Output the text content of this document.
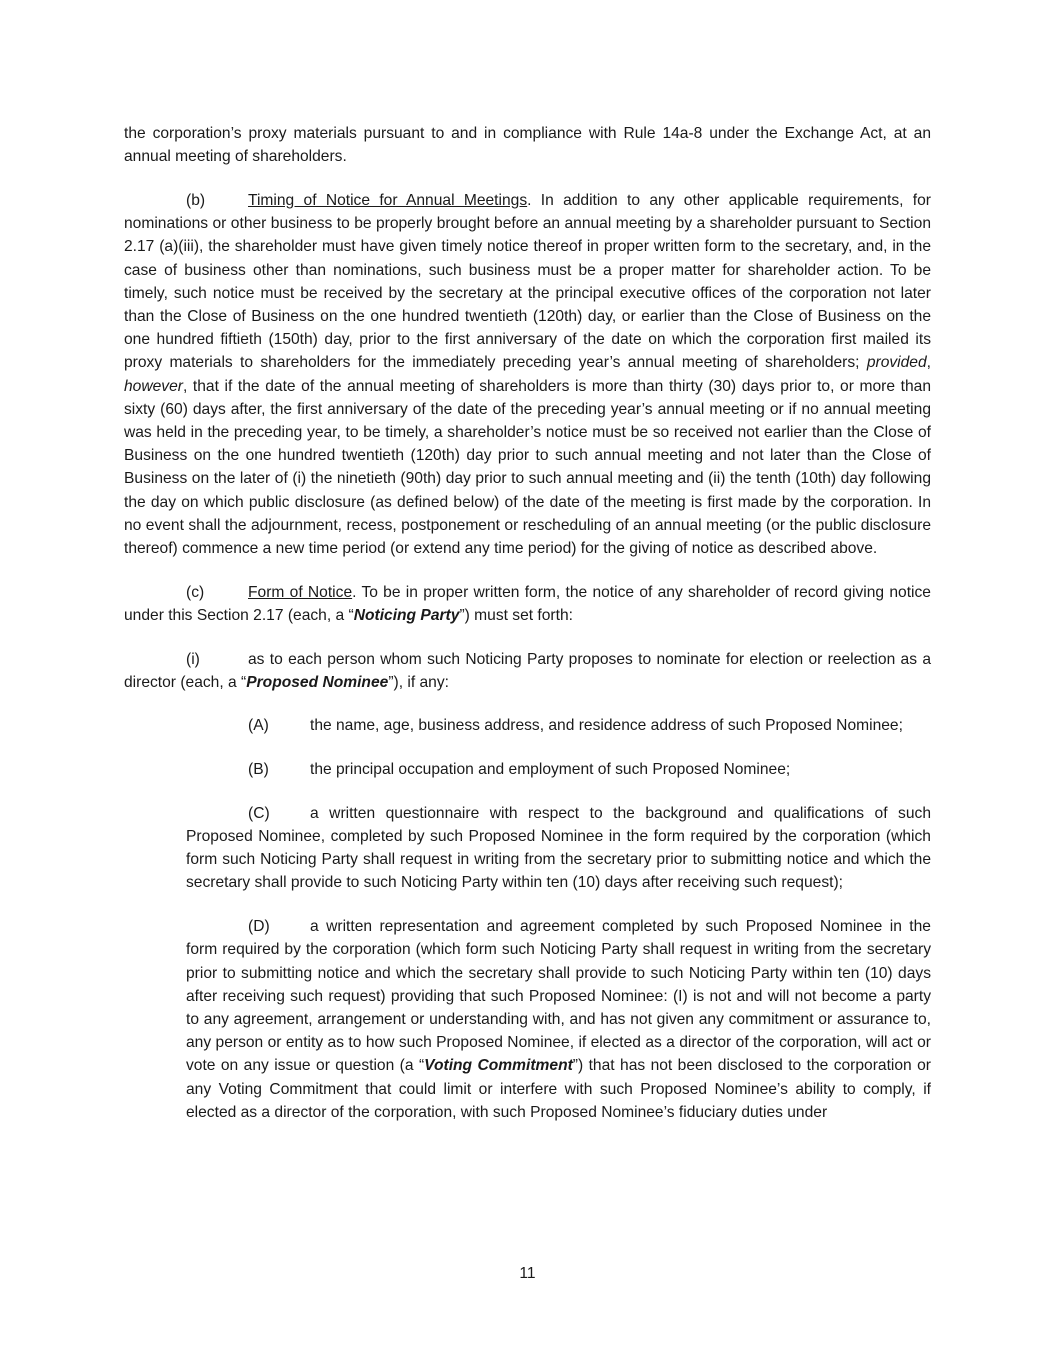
the corporation’s proxy materials pursuant to and in compliance with Rule 14a-8 under the Exchange Act, at an annual meeting of shareholders.

(b)	Timing of Notice for Annual Meetings. In addition to any other applicable requirements, for nominations or other business to be properly brought before an annual meeting by a shareholder pursuant to Section 2.17 (a)(iii), the shareholder must have given timely notice thereof in proper written form to the secretary, and, in the case of business other than nominations, such business must be a proper matter for shareholder action. To be timely, such notice must be received by the secretary at the principal executive offices of the corporation not later than the Close of Business on the one hundred twentieth (120th) day, or earlier than the Close of Business on the one hundred fiftieth (150th) day, prior to the first anniversary of the date on which the corporation first mailed its proxy materials to shareholders for the immediately preceding year’s annual meeting of shareholders; provided, however, that if the date of the annual meeting of shareholders is more than thirty (30) days prior to, or more than sixty (60) days after, the first anniversary of the date of the preceding year’s annual meeting or if no annual meeting was held in the preceding year, to be timely, a shareholder’s notice must be so received not earlier than the Close of Business on the one hundred twentieth (120th) day prior to such annual meeting and not later than the Close of Business on the later of (i) the ninetieth (90th) day prior to such annual meeting and (ii) the tenth (10th) day following the day on which public disclosure (as defined below) of the date of the meeting is first made by the corporation. In no event shall the adjournment, recess, postponement or rescheduling of an annual meeting (or the public disclosure thereof) commence a new time period (or extend any time period) for the giving of notice as described above.

(c)	Form of Notice. To be in proper written form, the notice of any shareholder of record giving notice under this Section 2.17 (each, a “Noticing Party”) must set forth:

(i)	as to each person whom such Noticing Party proposes to nominate for election or reelection as a director (each, a “Proposed Nominee”), if any:

(A)	the name, age, business address, and residence address of such Proposed Nominee;

(B)	the principal occupation and employment of such Proposed Nominee;

(C)	a written questionnaire with respect to the background and qualifications of such Proposed Nominee, completed by such Proposed Nominee in the form required by the corporation (which form such Noticing Party shall request in writing from the secretary prior to submitting notice and which the secretary shall provide to such Noticing Party within ten (10) days after receiving such request);

(D)	a written representation and agreement completed by such Proposed Nominee in the form required by the corporation (which form such Noticing Party shall request in writing from the secretary prior to submitting notice and which the secretary shall provide to such Noticing Party within ten (10) days after receiving such request) providing that such Proposed Nominee: (I) is not and will not become a party to any agreement, arrangement or understanding with, and has not given any commitment or assurance to, any person or entity as to how such Proposed Nominee, if elected as a director of the corporation, will act or vote on any issue or question (a “Voting Commitment”) that has not been disclosed to the corporation or any Voting Commitment that could limit or interfere with such Proposed Nominee’s ability to comply, if elected as a director of the corporation, with such Proposed Nominee’s fiduciary duties under

11
